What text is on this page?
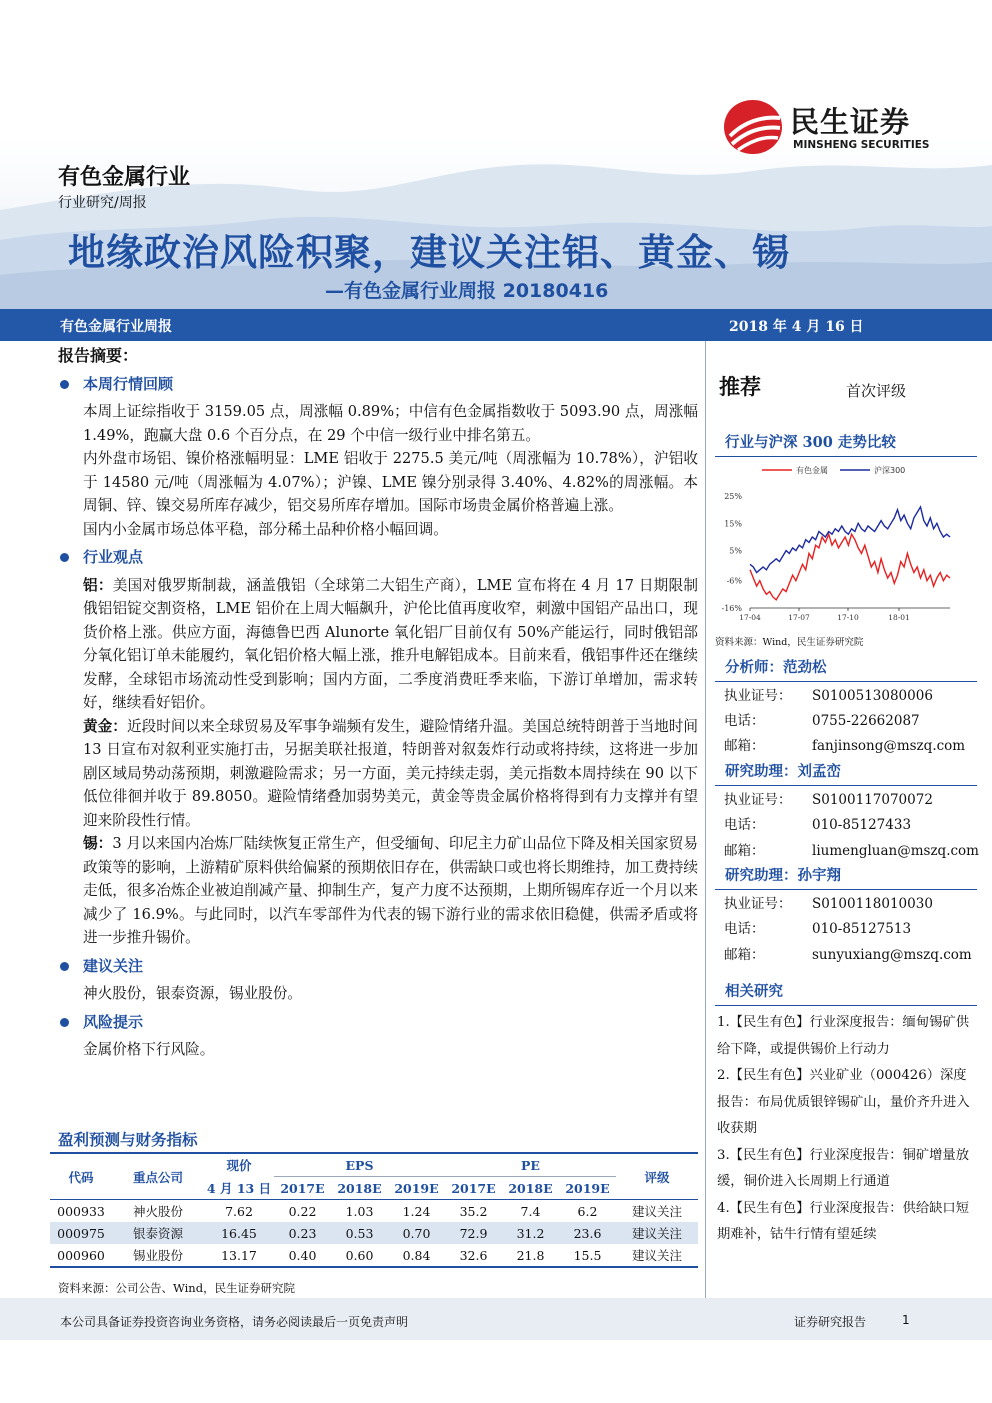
民生证券
MINSHENG SECURITIES
有色金属行业
行业研究/周报
地缘政治风险积聚，建议关注铝、黄金、锡
—有色金属行业周报 20180416
有色金属行业周报	2018 年 4 月 16 日

报告摘要：

本周行情回顾

本周上证综指收于 3159.05 点，周涨幅 0.89%；中信有色金属指数收于 5093.90 点，周涨幅 1.49%，跑赢大盘 0.6 个百分点，在 29 个中信一级行业中排名第五。

内外盘市场铝、镍价格涨幅明显：LME 铝收于 2275.5 美元/吨（周涨幅为 10.78%），沪铝收于 14580 元/吨（周涨幅为 4.07%）；沪镍、LME 镍分别录得 3.40%、4.82%的周涨幅。本周铜、锌、镍交易所库存减少，铝交易所库存增加。国际市场贵金属价格普遍上涨。

国内小金属市场总体平稳，部分稀土品种价格小幅回调。

行业观点

铝：美国对俄罗斯制裁，涵盖俄铝（全球第二大铝生产商），LME 宣布将在 4 月 17 日期限制俄铝铝锭交割资格，LME 铝价在上周大幅飙升，沪伦比值再度收窄，刺激中国铝产品出口，现货价格上涨。供应方面，海德鲁巴西 Alunorte 氧化铝厂目前仅有 50%产能运行，同时俄铝部分氧化铝订单未能履约，氧化铝价格大幅上涨，推升电解铝成本。目前来看，俄铝事件还在继续发酵，全球铝市场流动性受到影响；国内方面，二季度消费旺季来临，下游订单增加，需求转好，继续看好铝价。

黄金：近段时间以来全球贸易及军事争端频有发生，避险情绪升温。美国总统特朗普于当地时间 13 日宣布对叙利亚实施打击，另据美联社报道，特朗普对叙轰炸行动或将持续，这将进一步加剧区域局势动荡预期，刺激避险需求；另一方面，美元持续走弱，美元指数本周持续在 90 以下低位徘徊并收于 89.8050。避险情绪叠加弱势美元，黄金等贵金属价格将得到有力支撑并有望迎来阶段性行情。

锡：3 月以来国内冶炼厂陆续恢复正常生产，但受缅甸、印尼主力矿山品位下降及相关国家贸易政策等的影响，上游精矿原料供给偏紧的预期依旧存在，供需缺口或也将长期维持，加工费持续走低，很多冶炼企业被迫削减产量、抑制生产，复产力度不达预期，上期所锡库存近一个月以来减少了 16.9%。与此同时，以汽车零部件为代表的锡下游行业的需求依旧稳健，供需矛盾或将进一步推升锡价。

建议关注

神火股份，银泰资源，锡业股份。

风险提示

金属价格下行风险。

盈利预测与财务指标
代码	重点公司	现价	EPS			PE			评级
		4 月 13 日	2017E	2018E	2019E	2017E	2018E	2019E	
000933	神火股份	7.62	0.22	1.03	1.24	35.2	7.4	6.2	建议关注
000975	银泰资源	16.45	0.23	0.53	0.70	72.9	31.2	23.6	建议关注
000960	锡业股份	13.17	0.40	0.60	0.84	32.6	21.8	15.5	建议关注
资料来源：公司公告、Wind，民生证券研究院
推荐	首次评级
行业与沪深 300 走势比较
25%
15%
5%
-6%
-16%
17-04	17-07	17-10	18-01
有色金属	沪深300
资料来源：Wind，民生证券研究院
分析师：范劲松
执业证号： S0100513080006
电话：	0755-22662087
邮箱：	fanjinsong@mszq.com
研究助理：刘孟峦
执业证号： S0100117070072
电话：	010-85127433
邮箱：	liumengluan@mszq.com
研究助理：孙宇翔
执业证号： S0100118010030
电话：	010-85127513
邮箱：	sunyuxiang@mszq.com
相关研究

1.【民生有色】行业深度报告：缅甸锡矿供给下降，或提供锡价上行动力

2.【民生有色】兴业矿业（000426）深度报告：布局优质银锌锡矿山，量价齐升进入收获期

3.【民生有色】行业深度报告：铜矿增量放缓，铜价进入长周期上行通道

4.【民生有色】行业深度报告：供给缺口短期难补，钴牛行情有望延续

本公司具备证券投资咨询业务资格，请务必阅读最后一页免责声明	证券研究报告	1
